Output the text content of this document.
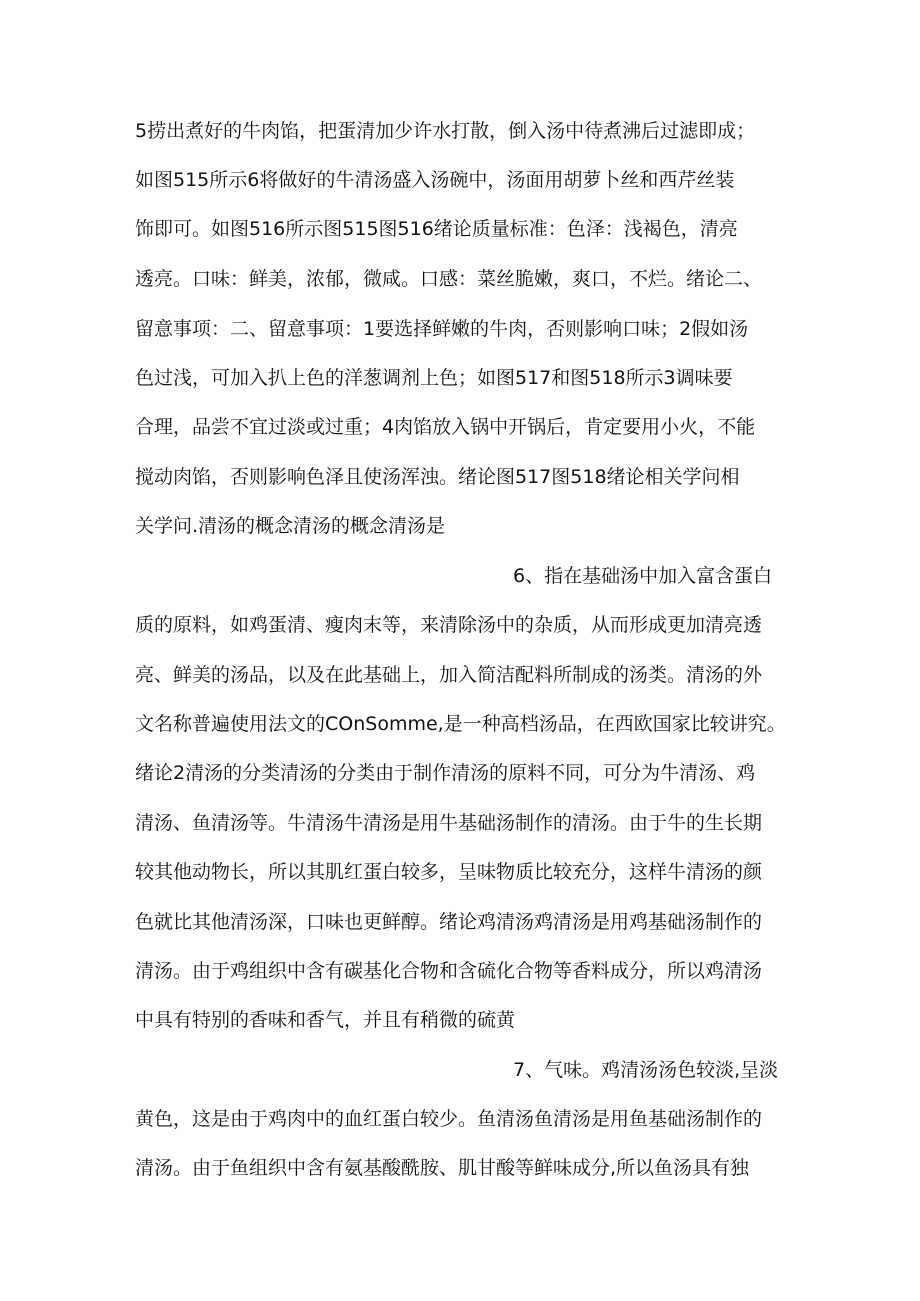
5捞出煮好的牛肉馅，把蛋清加少许水打散，倒入汤中待煮沸后过滤即成；
如图515所示6将做好的牛清汤盛入汤碗中，汤面用胡萝卜丝和西芹丝装
饰即可。如图516所示图515图516绪论质量标准：色泽：浅褐色，清亮
透亮。口味：鲜美，浓郁，微咸。口感：菜丝脆嫩，爽口，不烂。绪论二、
留意事项：二、留意事项：1要选择鲜嫩的牛肉，否则影响口味；2假如汤
色过浅，可加入扒上色的洋葱调剂上色；如图517和图518所示3调味要
合理，品尝不宜过淡或过重；4肉馅放入锅中开锅后，肯定要用小火，不能
搅动肉馅，否则影响色泽且使汤浑浊。绪论图517图518绪论相关学问相
关学问.清汤的概念清汤的概念清汤是
6、指在基础汤中加入富含蛋白
质的原料，如鸡蛋清、瘦肉末等，来清除汤中的杂质，从而形成更加清亮透
亮、鲜美的汤品，以及在此基础上，加入简洁配料所制成的汤类。清汤的外
文名称普遍使用法文的COnSomme,是一种高档汤品，在西欧国家比较讲究。
绪论2清汤的分类清汤的分类由于制作清汤的原料不同，可分为牛清汤、鸡
清汤、鱼清汤等。牛清汤牛清汤是用牛基础汤制作的清汤。由于牛的生长期
较其他动物长，所以其肌红蛋白较多，呈味物质比较充分，这样牛清汤的颜
色就比其他清汤深，口味也更鲜醇。绪论鸡清汤鸡清汤是用鸡基础汤制作的
清汤。由于鸡组织中含有碳基化合物和含硫化合物等香料成分，所以鸡清汤
中具有特别的香味和香气，并且有稍微的硫黄
7、气味。鸡清汤汤色较淡,呈淡
黄色，这是由于鸡肉中的血红蛋白较少。鱼清汤鱼清汤是用鱼基础汤制作的
清汤。由于鱼组织中含有氨基酸酰胺、肌甘酸等鲜味成分,所以鱼汤具有独
